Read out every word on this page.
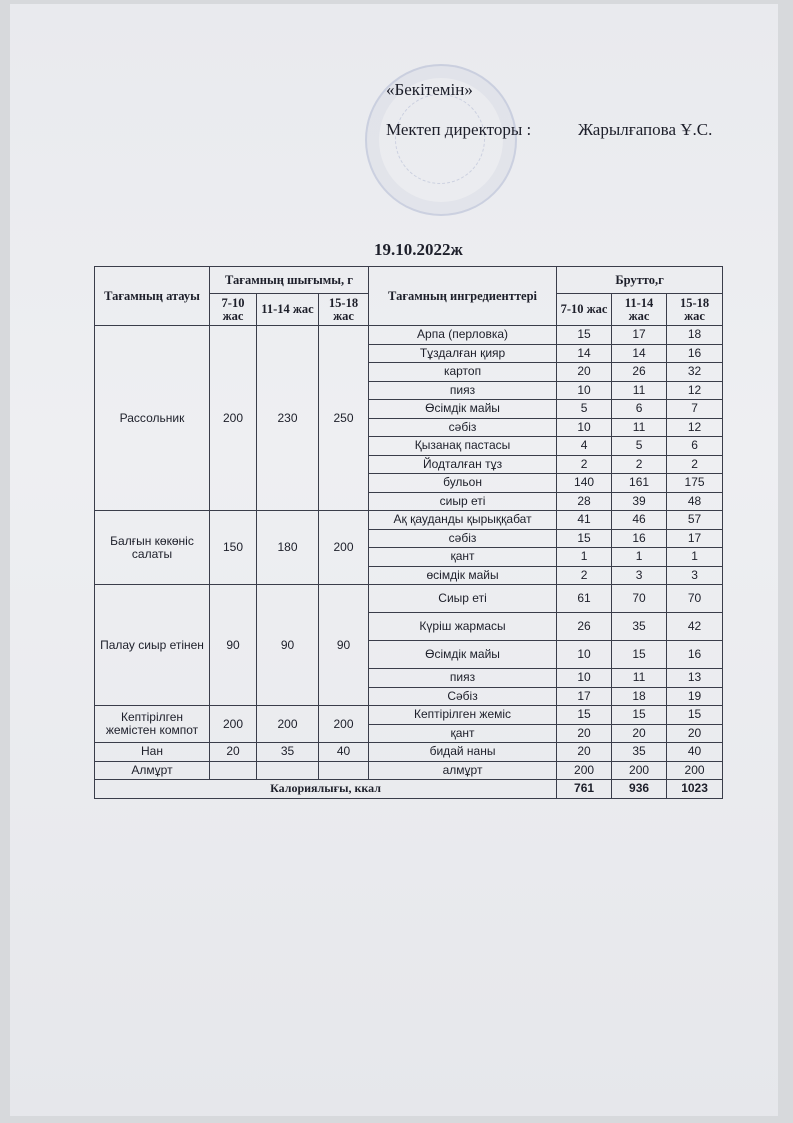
«Бекітемін»
Мектеп директоры :	Жарылғапова Ұ.С.
19.10.2022ж
Тағамның атауы	Тағамның шығымы, г			Тағамның ингредиенттері	Брутто,г		
	7-10 жас	11-14 жас	15-18 жас		7-10 жас	11-14 жас	15-18 жас
Рассольник	200	230	250	Арпа (перловка)	15	17	18
				Тұздалған қияр	14	14	16
				картоп	20	26	32
				пияз	10	11	12
				Өсімдік майы	5	6	7
				сәбіз	10	11	12
				Қызанақ пастасы	4	5	6
				Йодталған тұз	2	2	2
				бульон	140	161	175
				сиыр еті	28	39	48
Балғын көкөніс салаты	150	180	200	Ақ қауданды қырыққабат	41	46	57
				сәбіз	15	16	17
				қант	1	1	1
				өсімдік майы	2	3	3
Палау сиыр етінен	90	90	90	Сиыр еті	61	70	70
				Күріш жармасы	26	35	42
				Өсімдік майы	10	15	16
				пияз	10	11	13
				Сәбіз	17	18	19
Кептірілген жемістен компот	200	200	200	Кептірілген жеміс	15	15	15
				қант	20	20	20
Нан	20	35	40	бидай наны	20	35	40
Алмұрт				алмұрт	200	200	200
Калориялығы, ккал					761	936	1023
